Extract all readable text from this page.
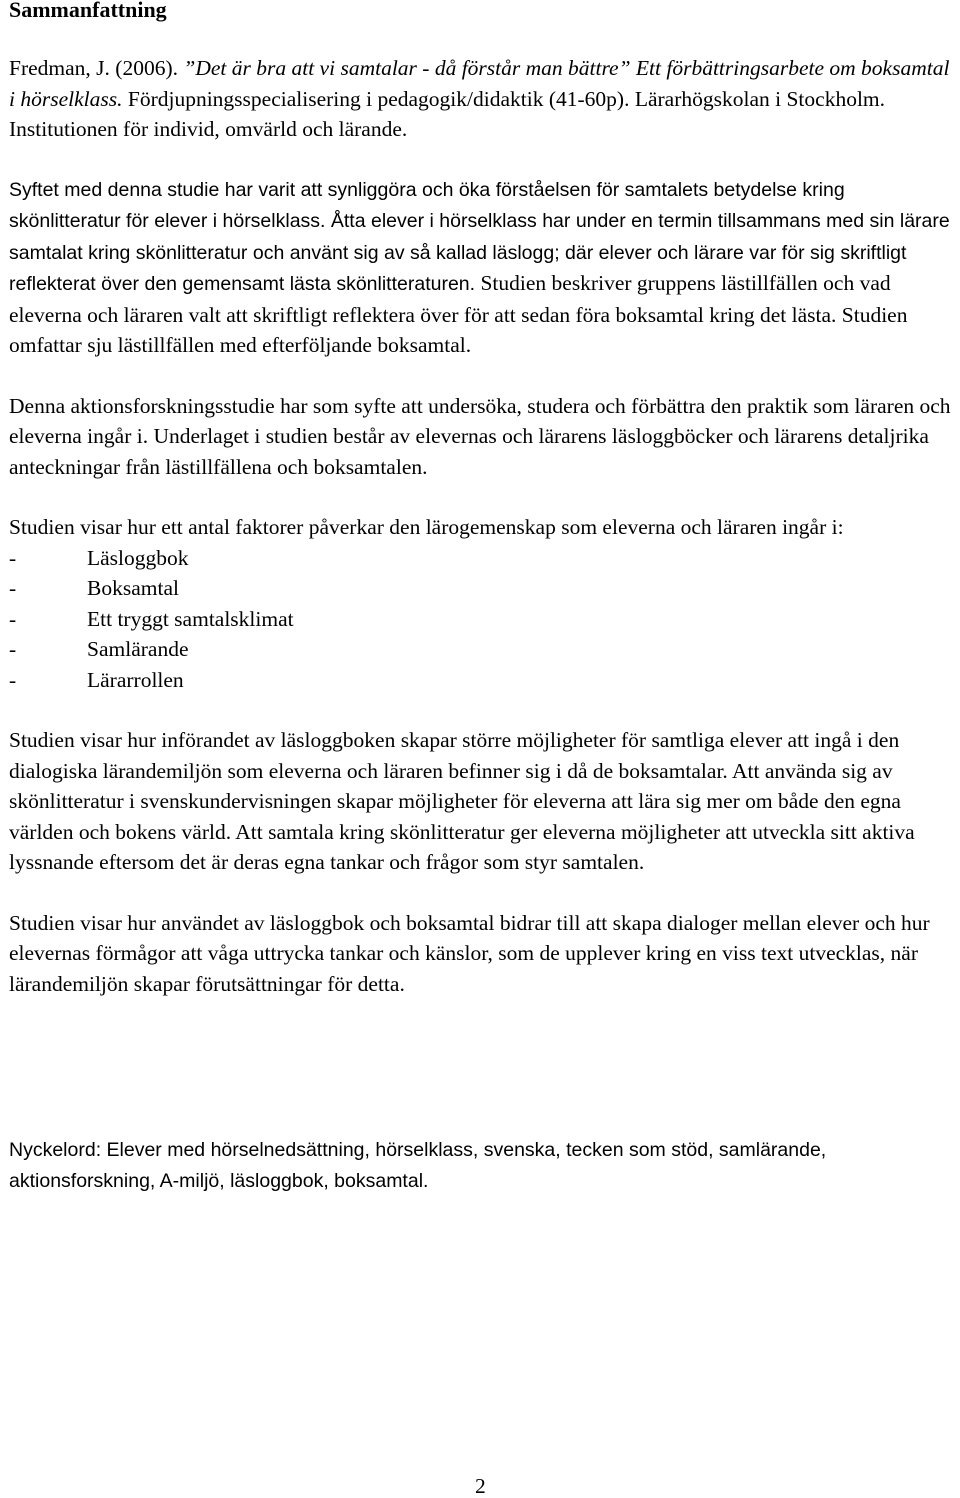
Sammanfattning

Fredman, J. (2006). ”Det är bra att vi samtalar - då förstår man bättre” Ett förbättringsarbete om boksamtal i hörselklass. Fördjupningsspecialisering i pedagogik/didaktik (41-60p). Lärarhögskolan i Stockholm. Institutionen för individ, omvärld och lärande.

Syftet med denna studie har varit att synliggöra och öka förståelsen för samtalets betydelse kring skönlitteratur för elever i hörselklass. Åtta elever i hörselklass har under en termin tillsammans med sin lärare samtalat kring skönlitteratur och använt sig av så kallad läslogg; där elever och lärare var för sig skriftligt reflekterat över den gemensamt lästa skönlitteraturen. Studien beskriver gruppens lästillfällen och vad eleverna och läraren valt att skriftligt reflektera över för att sedan föra boksamtal kring det lästa. Studien omfattar sju lästillfällen med efterföljande boksamtal.

Denna aktionsforskningsstudie har som syfte att undersöka, studera och förbättra den praktik som läraren och eleverna ingår i. Underlaget i studien består av elevernas och lärarens läsloggböcker och lärarens detaljrika anteckningar från lästillfällena och boksamtalen.

Studien visar hur ett antal faktorer påverkar den lärogemenskap som eleverna och läraren ingår i:

-	Läsloggbok
-	Boksamtal
-	Ett tryggt samtalsklimat
-	Samlärande
-	Lärarrollen

Studien visar hur införandet av läsloggboken skapar större möjligheter för samtliga elever att ingå i den dialogiska lärandemiljön som eleverna och läraren befinner sig i då de boksamtalar. Att använda sig av skönlitteratur i svenskundervisningen skapar möjligheter för eleverna att lära sig mer om både den egna världen och bokens värld. Att samtala kring skönlitteratur ger eleverna möjligheter att utveckla sitt aktiva lyssnande eftersom det är deras egna tankar och frågor som styr samtalen.

Studien visar hur användet av läsloggbok och boksamtal bidrar till att skapa dialoger mellan elever och hur elevernas förmågor att våga uttrycka tankar och känslor, som de upplever kring en viss text utvecklas, när lärandemiljön skapar förutsättningar för detta.

Nyckelord: Elever med hörselnedsättning, hörselklass, svenska, tecken som stöd, samlärande, aktionsforskning, A-miljö, läsloggbok, boksamtal.

2
